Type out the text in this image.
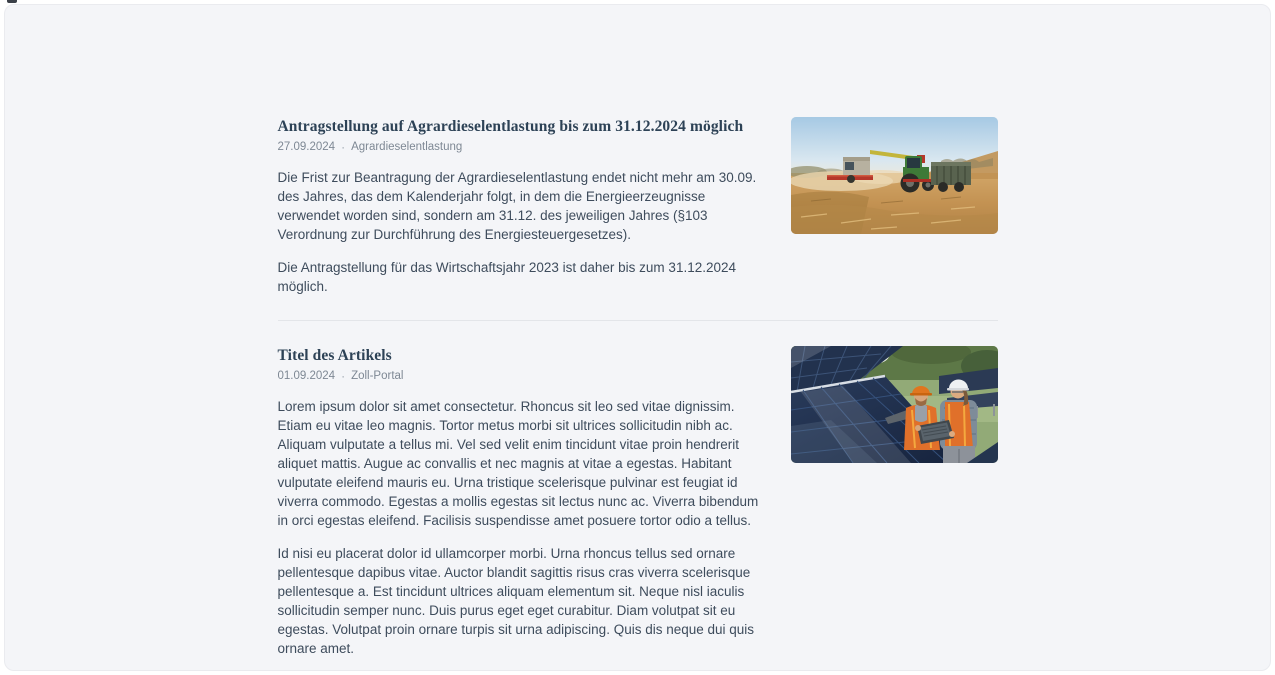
Antragstellung auf Agrardieselentlastung bis zum 31.12.2024 möglich
27.09.2024 · Agrardieselentlastung

Die Frist zur Beantragung der Agrardieselentlastung endet nicht mehr am 30.09. des Jahres, das dem Kalenderjahr folgt, in dem die Energieerzeugnisse verwendet worden sind, sondern am 31.12. des jeweiligen Jahres (§103 Verordnung zur Durchführung des Energiesteuergesetzes).

Die Antragstellung für das Wirtschaftsjahr 2023 ist daher bis zum 31.12.2024 möglich.

Titel des Artikels
01.09.2024 · Zoll-Portal

Lorem ipsum dolor sit amet consectetur. Rhoncus sit leo sed vitae dignissim. Etiam eu vitae leo magnis. Tortor metus morbi sit ultrices sollicitudin nibh ac. Aliquam vulputate a tellus mi. Vel sed velit enim tincidunt vitae proin hendrerit aliquet mattis. Augue ac convallis et nec magnis at vitae a egestas. Habitant vulputate eleifend mauris eu. Urna tristique scelerisque pulvinar est feugiat id viverra commodo. Egestas a mollis egestas sit lectus nunc ac. Viverra bibendum in orci egestas eleifend. Facilisis suspendisse amet posuere tortor odio a tellus.

Id nisi eu placerat dolor id ullamcorper morbi. Urna rhoncus tellus sed ornare pellentesque dapibus vitae. Auctor blandit sagittis risus cras viverra scelerisque pellentesque a. Est tincidunt ultrices aliquam elementum sit. Neque nisl iaculis sollicitudin semper nunc. Duis purus eget eget curabitur. Diam volutpat sit eu egestas. Volutpat proin ornare turpis sit urna adipiscing. Quis dis neque dui quis ornare amet.
